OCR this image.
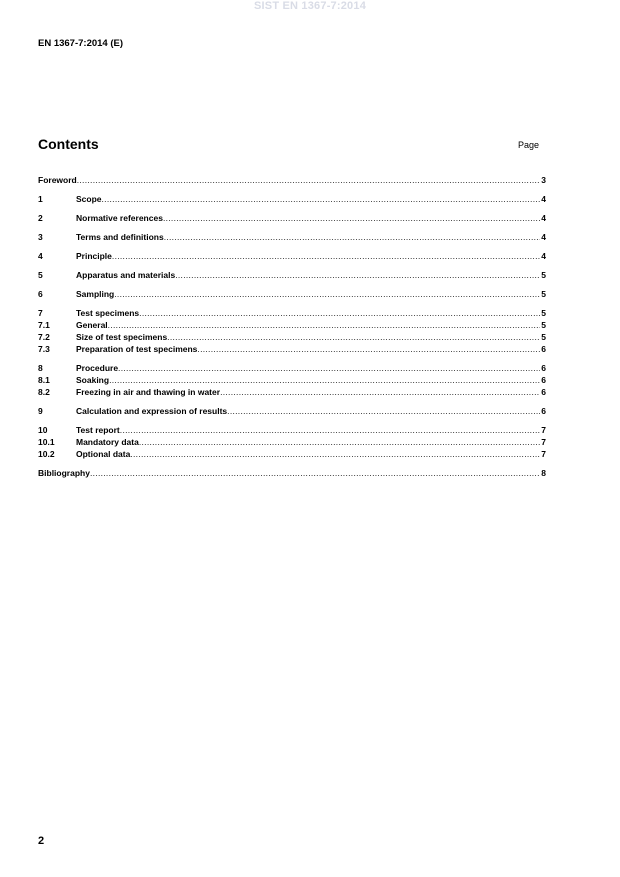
SIST EN 1367-7:2014
EN 1367-7:2014 (E)
Contents	Page
Foreword .....	3
1	Scope .....	4
2	Normative references .....	4
3	Terms and definitions .....	4
4	Principle .....	4
5	Apparatus and materials .....	5
6	Sampling .....	5
7	Test specimens .....	5
7.1	General .....	5
7.2	Size of test specimens .....	5
7.3	Preparation of test specimens .....	6
8	Procedure .....	6
8.1	Soaking .....	6
8.2	Freezing in air and thawing in water .....	6
9	Calculation and expression of results .....	6
10	Test report .....	7
10.1	Mandatory data .....	7
10.2	Optional data .....	7
Bibliography .....	8
2
